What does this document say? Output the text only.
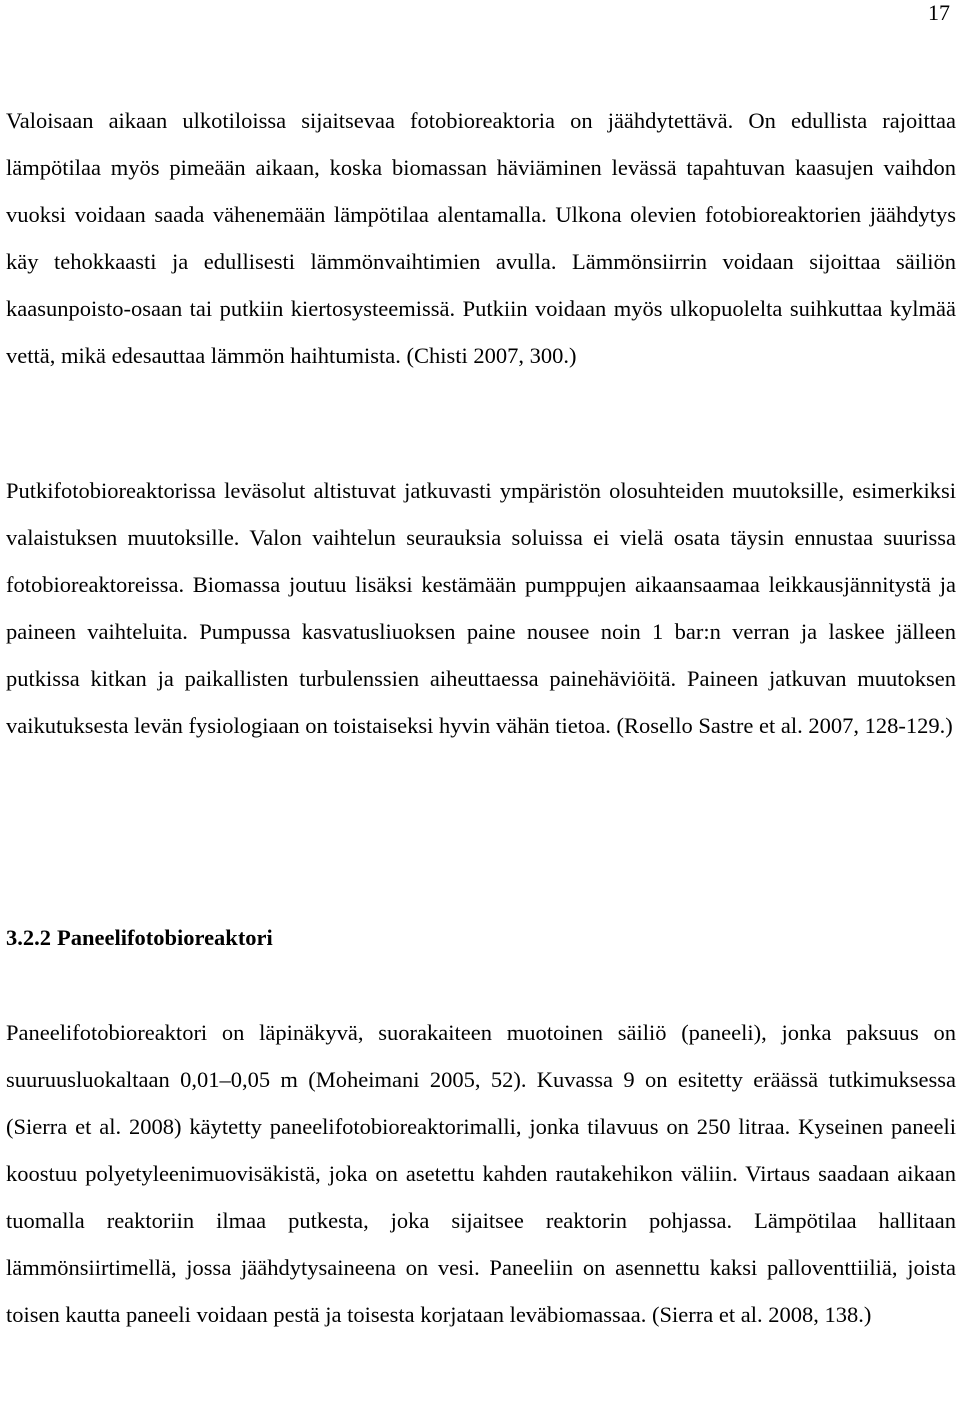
17

Valoisaan aikaan ulkotiloissa sijaitsevaa fotobioreaktoria on jäähdytettävä. On edullista rajoittaa lämpötilaa myös pimeään aikaan, koska biomassan häviäminen levässä tapahtuvan kaasujen vaihdon vuoksi voidaan saada vähenemään lämpötilaa alentamalla. Ulkona olevien fotobioreaktorien jäähdytys käy tehokkaasti ja edullisesti lämmönvaihtimien avulla. Lämmönsiirrin voidaan sijoittaa säiliön kaasunpoisto-osaan tai putkiin kiertosysteemissä. Putkiin voidaan myös ulkopuolelta suihkuttaa kylmää vettä, mikä edesauttaa lämmön haihtumista. (Chisti 2007, 300.)

Putkifotobioreaktorissa leväsolut altistuvat jatkuvasti ympäristön olosuhteiden muutoksille, esimerkiksi valaistuksen muutoksille. Valon vaihtelun seurauksia soluissa ei vielä osata täysin ennustaa suurissa fotobioreaktoreissa. Biomassa joutuu lisäksi kestämään pumppujen aikaansaamaa leikkausjännitystä ja paineen vaihteluita. Pumpussa kasvatusliuoksen paine nousee noin 1 bar:n verran ja laskee jälleen putkissa kitkan ja paikallisten turbulenssien aiheuttaessa painehäviöitä. Paineen jatkuvan muutoksen vaikutuksesta levän fysiologiaan on toistaiseksi hyvin vähän tietoa. (Rosello Sastre et al. 2007, 128-129.)

3.2.2 Paneelifotobioreaktori

Paneelifotobioreaktori on läpinäkyvä, suorakaiteen muotoinen säiliö (paneeli), jonka paksuus on suuruusluokaltaan 0,01–0,05 m (Moheimani 2005, 52). Kuvassa 9 on esitetty eräässä tutkimuksessa (Sierra et al. 2008) käytetty paneelifotobioreaktorimalli, jonka tilavuus on 250 litraa. Kyseinen paneeli koostuu polyetyleenimuovisäkistä, joka on asetettu kahden rautakehikon väliin. Virtaus saadaan aikaan tuomalla reaktoriin ilmaa putkesta, joka sijaitsee reaktorin pohjassa. Lämpötilaa hallitaan lämmönsiirtimellä, jossa jäähdytysaineena on vesi. Paneeliin on asennettu kaksi palloventtiiliä, joista toisen kautta paneeli voidaan pestä ja toisesta korjataan leväbiomassaa. (Sierra et al. 2008, 138.)
